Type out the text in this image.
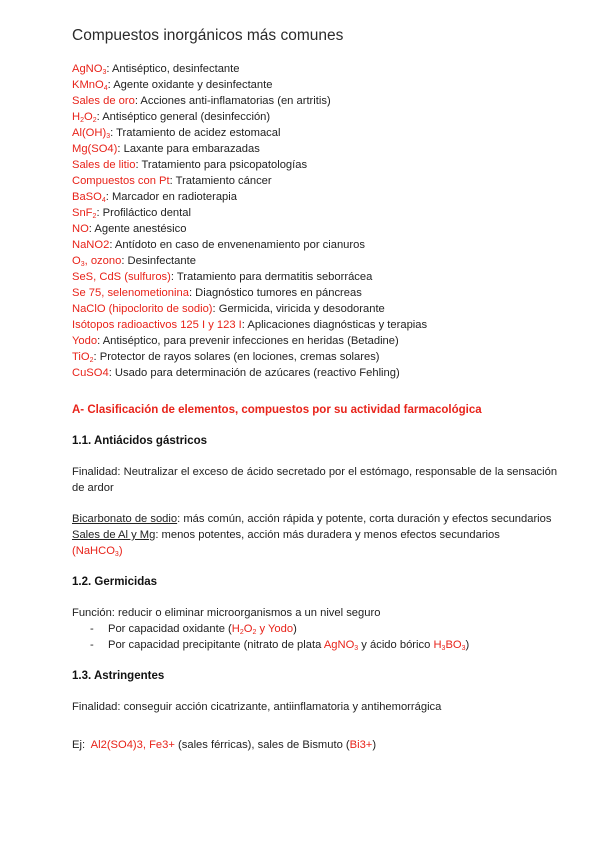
Compuestos inorgánicos más comunes
AgNO$_3$: Antiséptico, desinfectante
KMnO$_4$: Agente oxidante y desinfectante
Sales de oro: Acciones anti-inflamatorias (en artritis)
$H_2O_2$: Antiséptico general (desinfección)
$Al(OH)_3$: Tratamiento de acidez estomacal
Mg(SO4): Laxante para embarazadas
Sales de litio: Tratamiento para psicopatologías
Compuestos con Pt: Tratamiento cáncer
BaSO$_4$: Marcador en radioterapia
SnF$_2$: Profiláctico dental
NO: Agente anestésico
NaNO2: Antídoto en caso de envenenamiento por cianuros
$O_3$, ozono: Desinfectante
SeS, CdS (sulfuros): Tratamiento para dermatitis seborrácea
Se 75, selenometionina: Diagnóstico tumores en páncreas
NaClO (hipoclorito de sodio): Germicida, viricida y desodorante
Isótopos radioactivos 125 I y 123 I: Aplicaciones diagnósticas y terapias
Yodo: Antiséptico, para prevenir infecciones en heridas (Betadine)
TiO$_2$: Protector de rayos solares (en lociones, cremas solares)
CuSO4: Usado para determinación de azúcares (reactivo Fehling)
A- Clasificación de elementos, compuestos por su actividad farmacológica
1.1. Antiácidos gástricos

Finalidad: Neutralizar el exceso de ácido secretado por el estómago, responsable de la sensación de ardor

Bicarbonato de sodio: más común, acción rápida y potente, corta duración y efectos secundarios

Sales de Al y Mg: menos potentes, acción más duradera y menos efectos secundarios

(NaHCO$_3$)

1.2. Germicidas

Función: reducir o eliminar microorganismos a un nivel seguro

- Por capacidad oxidante ($H_2O_2$ y Yodo)
- Por capacidad precipitante (nitrato de plata AgNO$_3$ y ácido bórico $H_3BO_3$)
1.3. Astringentes

Finalidad: conseguir acción cicatrizante, antiinflamatoria y antihemorrágica

Ej:  Al2(SO4)3, Fe3+ (sales férricas), sales de Bismuto (Bi3+)
